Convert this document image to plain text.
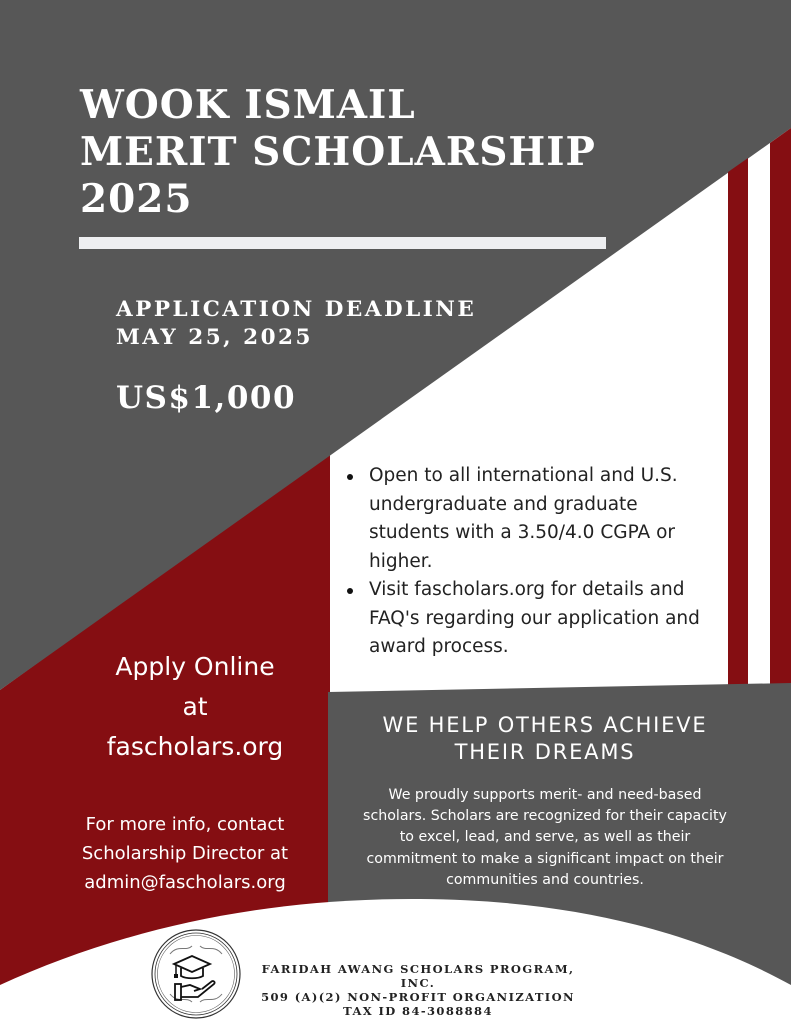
WOOK ISMAIL
MERIT SCHOLARSHIP
2025
APPLICATION DEADLINE
MAY 25, 2025
US$1,000
Open to all international and U.S. undergraduate and graduate students with a 3.50/4.0 CGPA or higher.
Visit fascholars.org for details and FAQ's regarding our application and award process.
Apply Online
at
fascholars.org
For more info, contact
Scholarship Director at
admin@fascholars.org
WE HELP OTHERS ACHIEVE
THEIR DREAMS
We proudly supports merit- and need-based scholars. Scholars are recognized for their capacity to excel, lead, and serve, as well as their commitment to make a significant impact on their communities and countries.
FARIDAH AWANG SCHOLARS PROGRAM, INC.
509 (A)(2) NON-PROFIT ORGANIZATION
TAX ID 84-3088884
